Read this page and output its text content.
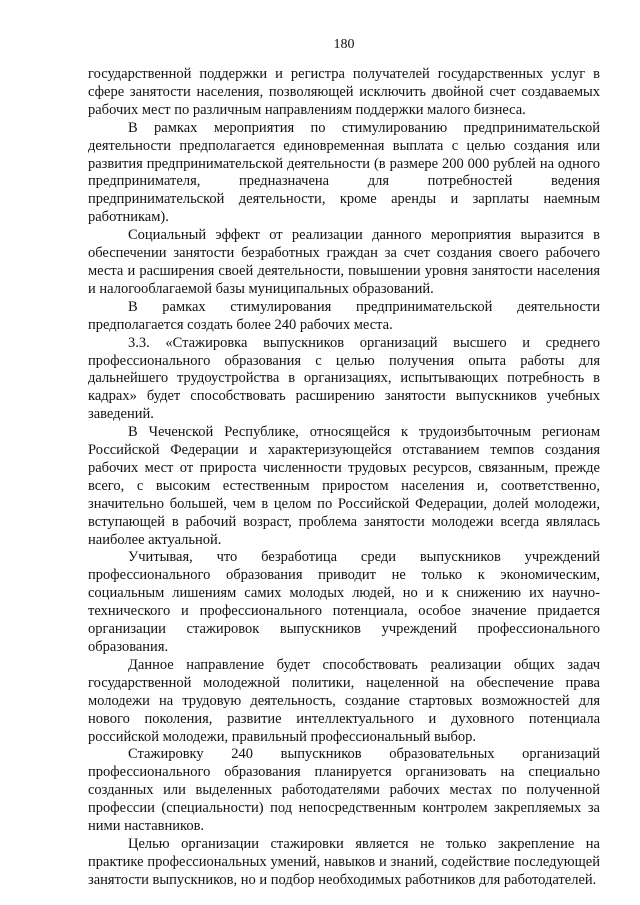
180

государственной поддержки и регистра получателей государственных услуг в сфере занятости населения, позволяющей исключить двойной счет создаваемых рабочих мест по различным направлениям поддержки малого бизнеса.

В рамках мероприятия по стимулированию предпринимательской деятельности предполагается единовременная выплата с целью создания или развития предпринимательской деятельности (в размере 200 000 рублей на одного предпринимателя, предназначена для потребностей ведения предпринимательской деятельности, кроме аренды и зарплаты наемным работникам).

Социальный эффект от реализации данного мероприятия выразится в обеспечении занятости безработных граждан за счет создания своего рабочего места и расширения своей деятельности, повышении уровня занятости населения и налогооблагаемой базы муниципальных образований.

В рамках стимулирования предпринимательской деятельности предполагается создать более 240 рабочих места.

3.3. «Стажировка выпускников организаций высшего и среднего профессионального образования с целью получения опыта работы для дальнейшего трудоустройства в организациях, испытывающих потребность в кадрах» будет способствовать расширению занятости выпускников учебных заведений.

В Чеченской Республике, относящейся к трудоизбыточным регионам Российской Федерации и характеризующейся отставанием темпов создания рабочих мест от прироста численности трудовых ресурсов, связанным, прежде всего, с высоким естественным приростом населения и, соответственно, значительно большей, чем в целом по Российской Федерации, долей молодежи, вступающей в рабочий возраст, проблема занятости молодежи всегда являлась наиболее актуальной.

Учитывая, что безработица среди выпускников учреждений профессионального образования приводит не только к экономическим, социальным лишениям самих молодых людей, но и к снижению их научно-технического и профессионального потенциала, особое значение придается организации стажировок выпускников учреждений профессионального образования.

Данное направление будет способствовать реализации общих задач государственной молодежной политики, нацеленной на обеспечение права молодежи на трудовую деятельность, создание стартовых возможностей для нового поколения, развитие интеллектуального и духовного потенциала российской молодежи, правильный профессиональный выбор.

Стажировку 240 выпускников образовательных организаций профессионального образования планируется организовать на специально созданных или выделенных работодателями рабочих местах по полученной профессии (специальности) под непосредственным контролем закрепляемых за ними наставников.

Целью организации стажировки является не только закрепление на практике профессиональных умений, навыков и знаний, содействие последующей занятости выпускников, но и подбор необходимых работников для работодателей.
